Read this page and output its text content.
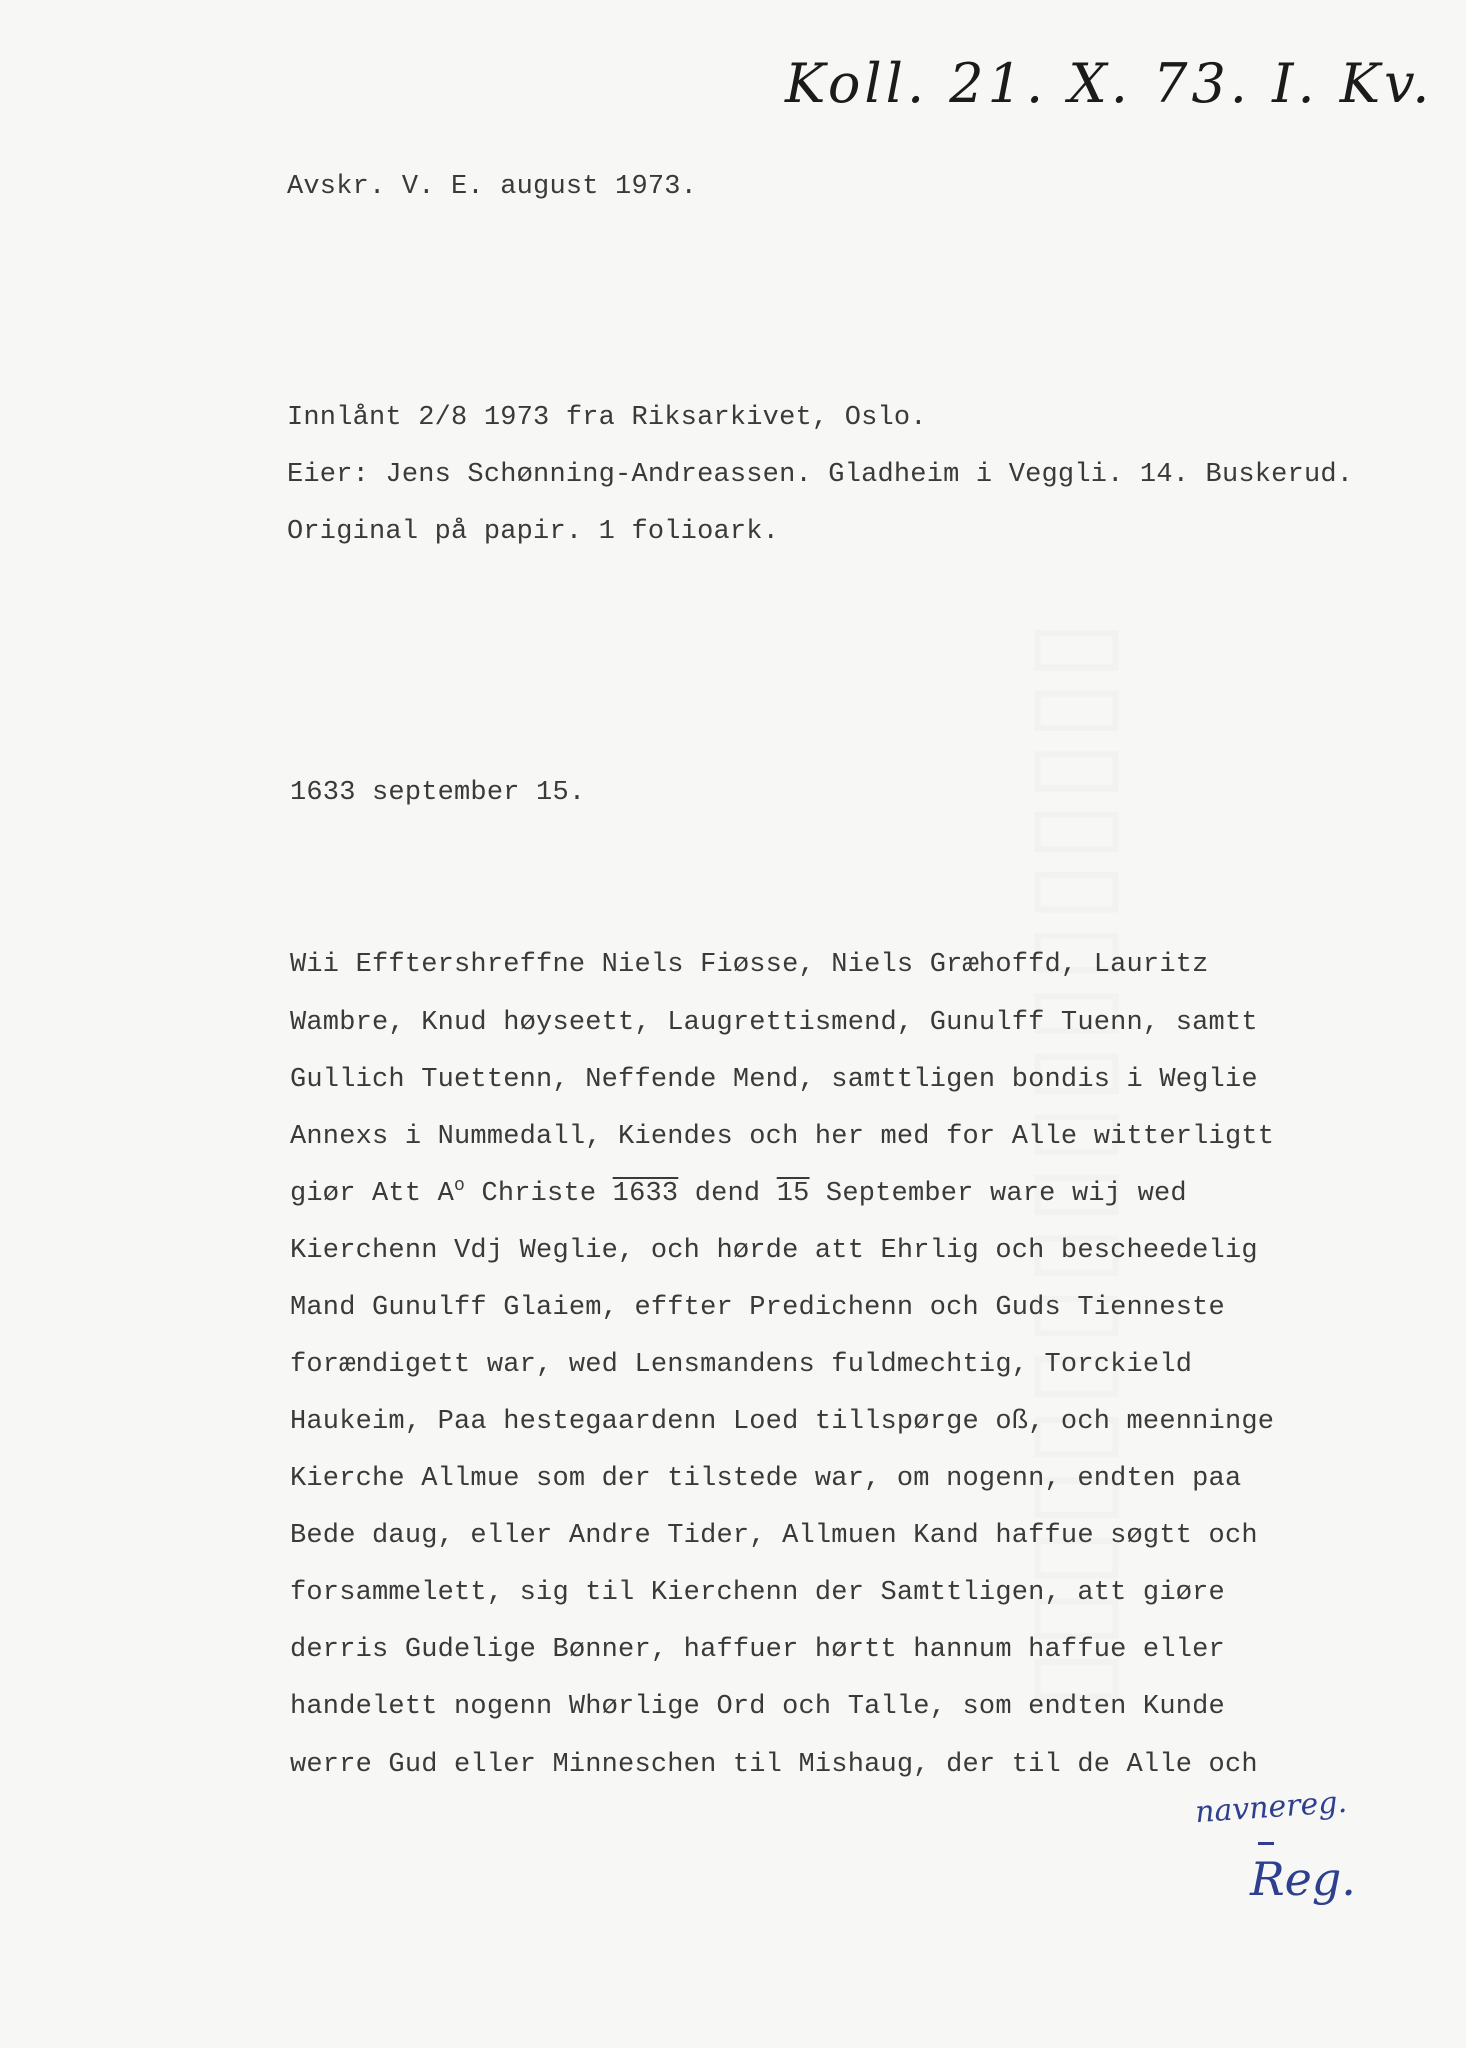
Koll. 21. X. 73. I. Kv.
Avskr. V. E. august 1973.
Innlånt 2/8 1973 fra Riksarkivet, Oslo.
Eier: Jens Schønning-Andreassen. Gladheim i Veggli. 14. Buskerud.
Original på papir. 1 folioark.
1633 september 15.
Wii Efftershreffne Niels Fiøsse, Niels Græhoffd, Lauritz
Wambre, Knud høyseett, Laugrettismend, Gunulff Tuenn, samtt
Gullich Tuettenn, Neffende Mend, samttligen bondis i Weglie
Annexs i Nummedall, Kiendes och her med for Alle witterligtt
giør Att $A^o$ Christe 1633 dend 15 September ware wij wed
Kierchenn Vdj Weglie, och hørde att Ehrlig och bescheedelig
Mand Gunulff Glaiem, effter Predichenn och Guds Tienneste
forændigett war, wed Lensmandens fuldmechtig, Torckield
Haukeim, Paa hestegaardenn Loed tillspørge oß, och meenninge
Kierche Allmue som der tilstede war, om nogenn, endten paa
Bede daug, eller Andre Tider, Allmuen Kand haffue søgtt och
forsammelett, sig til Kierchenn der Samttligen, att giøre
derris Gudelige Bønner, haffuer hørtt hannum haffue eller
handelett nogenn Whørlige Ord och Talle, som endten Kunde
werre Gud eller Minneschen til Mishaug, der til de Alle och
navnereg.
Reg.
